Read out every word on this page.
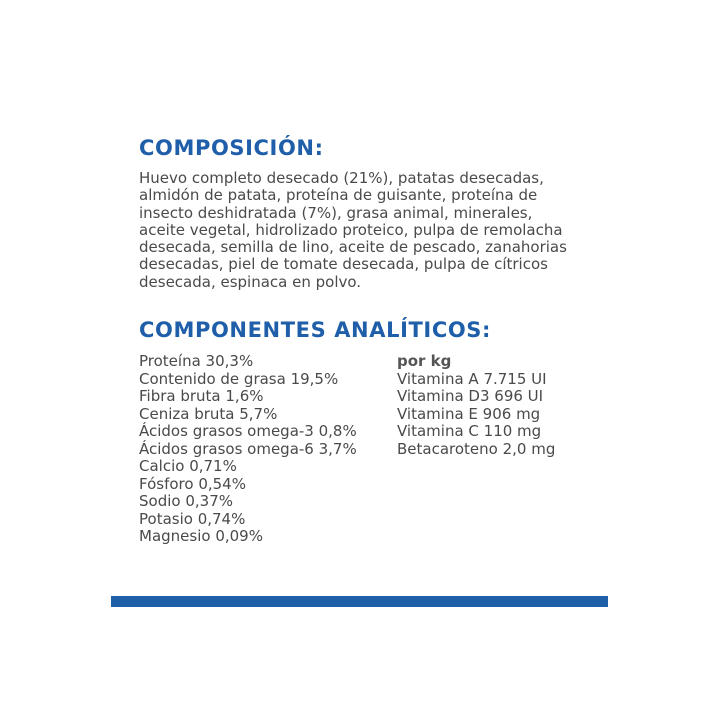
COMPOSICIÓN:

Huevo completo desecado (21%), patatas desecadas,
almidón de patata, proteína de guisante, proteína de
insecto deshidratada (7%), grasa animal, minerales,
aceite vegetal, hidrolizado proteico, pulpa de remolacha
desecada, semilla de lino, aceite de pescado, zanahorias
desecadas, piel de tomate desecada, pulpa de cítricos
desecada, espinaca en polvo.

COMPONENTES ANALÍTICOS:
Proteína 30,3%
Contenido de grasa 19,5%
Fibra bruta 1,6%
Ceniza bruta 5,7%
Ácidos grasos omega-3 0,8%
Ácidos grasos omega-6 3,7%
Calcio 0,71%
Fósforo 0,54%
Sodio 0,37%
Potasio 0,74%
Magnesio 0,09%
por kg
Vitamina A 7.715 UI
Vitamina D3 696 UI
Vitamina E 906 mg
Vitamina C 110 mg
Betacaroteno 2,0 mg
